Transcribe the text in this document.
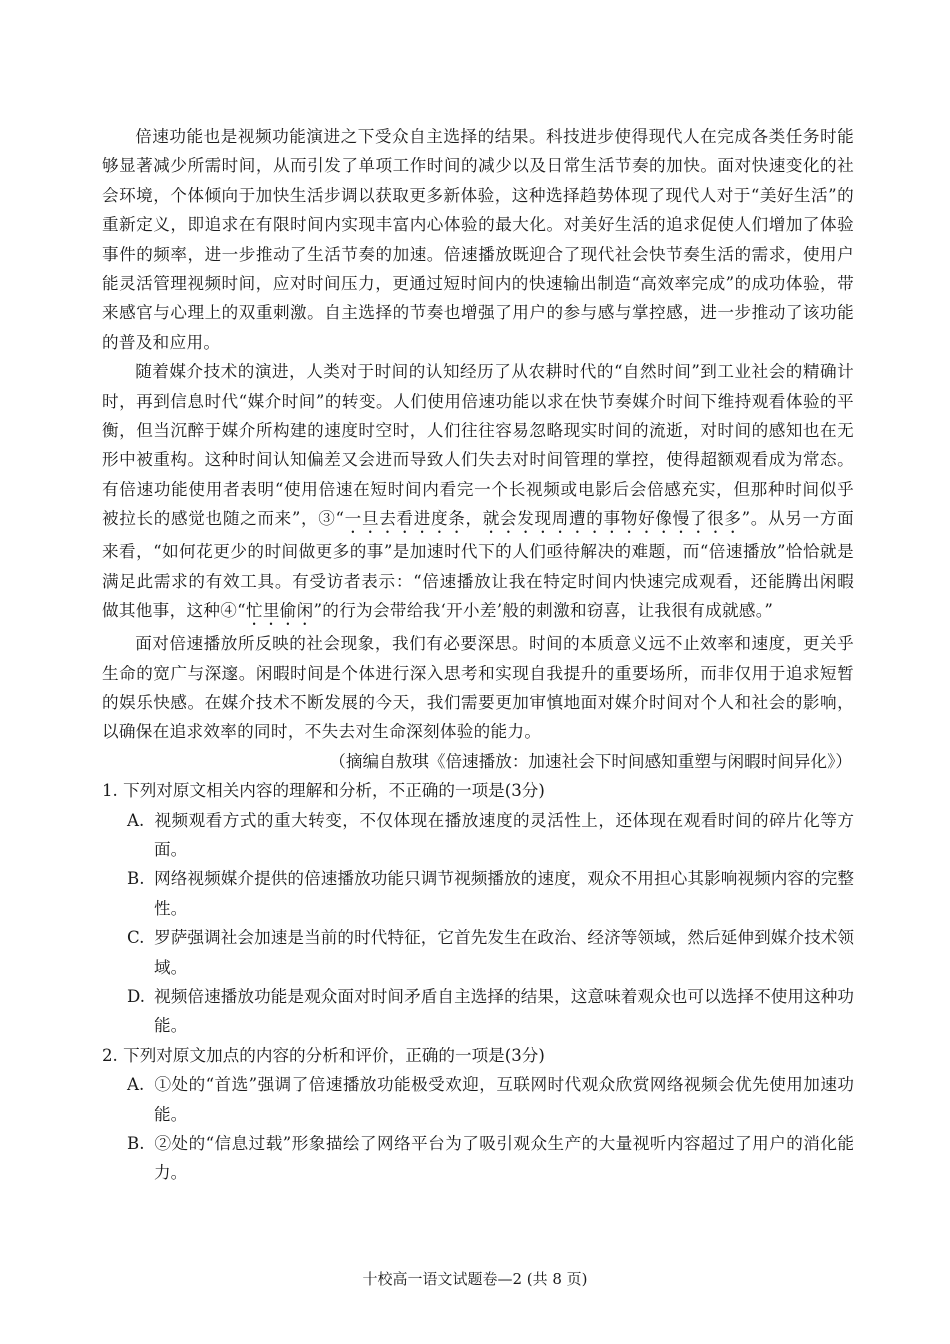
倍速功能也是视频功能演进之下受众自主选择的结果。科技进步使得现代人在完成各类任务时能够显著减少所需时间，从而引发了单项工作时间的减少以及日常生活节奏的加快。面对快速变化的社会环境，个体倾向于加快生活步调以获取更多新体验，这种选择趋势体现了现代人对于“美好生活”的重新定义，即追求在有限时间内实现丰富内心体验的最大化。对美好生活的追求促使人们增加了体验事件的频率，进一步推动了生活节奏的加速。倍速播放既迎合了现代社会快节奏生活的需求，使用户能灵活管理视频时间，应对时间压力，更通过短时间内的快速输出制造“高效率完成”的成功体验，带来感官与心理上的双重刺激。自主选择的节奏也增强了用户的参与感与掌控感，进一步推动了该功能的普及和应用。

随着媒介技术的演进，人类对于时间的认知经历了从农耕时代的“自然时间”到工业社会的精确计时，再到信息时代“媒介时间”的转变。人们使用倍速功能以求在快节奏媒介时间下维持观看体验的平衡，但当沉醉于媒介所构建的速度时空时，人们往往容易忽略现实时间的流逝，对时间的感知也在无形中被重构。这种时间认知偏差又会进而导致人们失去对时间管理的掌控，使得超额观看成为常态。有倍速功能使用者表明“使用倍速在短时间内看完一个长视频或电影后会倍感充实，但那种时间似乎被拉长的感觉也随之而来”，③“一旦去看进度条，就会发现周遭的事物好像慢了很多”。从另一方面来看，“如何花更少的时间做更多的事”是加速时代下的人们亟待解决的难题，而“倍速播放”恰恰就是满足此需求的有效工具。有受访者表示：“倍速播放让我在特定时间内快速完成观看，还能腾出闲暇做其他事，这种④“忙里偷闲”的行为会带给我‘开小差’般的刺激和窃喜，让我很有成就感。”

面对倍速播放所反映的社会现象，我们有必要深思。时间的本质意义远不止效率和速度，更关乎生命的宽广与深邃。闲暇时间是个体进行深入思考和实现自我提升的重要场所，而非仅用于追求短暂的娱乐快感。在媒介技术不断发展的今天，我们需要更加审慎地面对媒介时间对个人和社会的影响，以确保在追求效率的同时，不失去对生命深刻体验的能力。

（摘编自敖琪《倍速播放：加速社会下时间感知重塑与闲暇时间异化》）

1. 下列对原文相关内容的理解和分析，不正确的一项是(3分)

A. 视频观看方式的重大转变，不仅体现在播放速度的灵活性上，还体现在观看时间的碎片化等方面。

B. 网络视频媒介提供的倍速播放功能只调节视频播放的速度，观众不用担心其影响视频内容的完整性。

C. 罗萨强调社会加速是当前的时代特征，它首先发生在政治、经济等领域，然后延伸到媒介技术领域。

D. 视频倍速播放功能是观众面对时间矛盾自主选择的结果，这意味着观众也可以选择不使用这种功能。

2. 下列对原文加点的内容的分析和评价，正确的一项是(3分)

A. ①处的“首选”强调了倍速播放功能极受欢迎，互联网时代观众欣赏网络视频会优先使用加速功能。

B. ②处的“信息过载”形象描绘了网络平台为了吸引观众生产的大量视听内容超过了用户的消化能力。

十校高一语文试题卷—2 (共 8 页)
